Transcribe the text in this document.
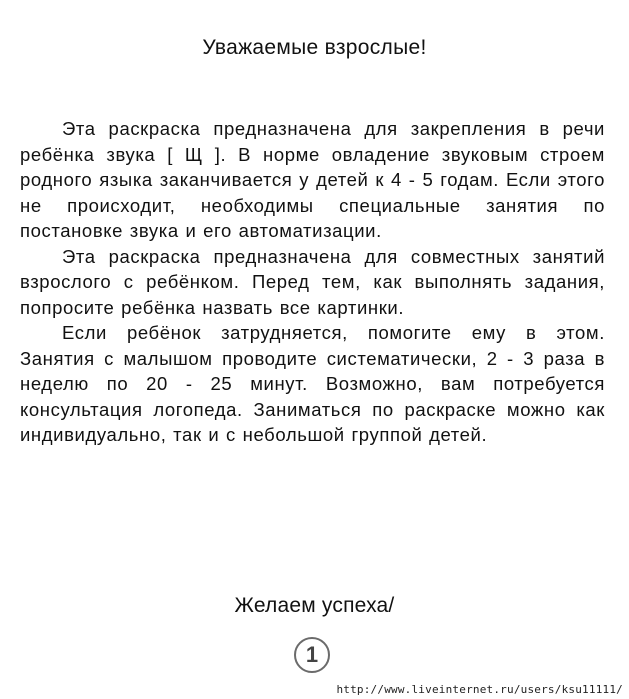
Уважаемые взрослые!

Эта раскраска предназначена для закрепления в речи ребёнка звука [ Щ ]. В норме овладение звуковым строем родного языка заканчивается у детей к 4 - 5 годам. Если этого не происходит, необходимы специальные занятия по постановке звука и его автоматизации.

Эта раскраска предназначена для совместных занятий взрослого с ребёнком. Перед тем, как выполнять задания, попросите ребёнка назвать все картинки.

Если ребёнок затрудняется, помогите ему в этом. Занятия с малышом проводите систематически, 2 - 3 раза в неделю по 20 - 25 минут. Возможно, вам потребуется консультация логопеда. Заниматься по раскраске можно как индивидуально, так и с небольшой группой детей.

Желаем успеха/
1
http://www.liveinternet.ru/users/ksu11111/
